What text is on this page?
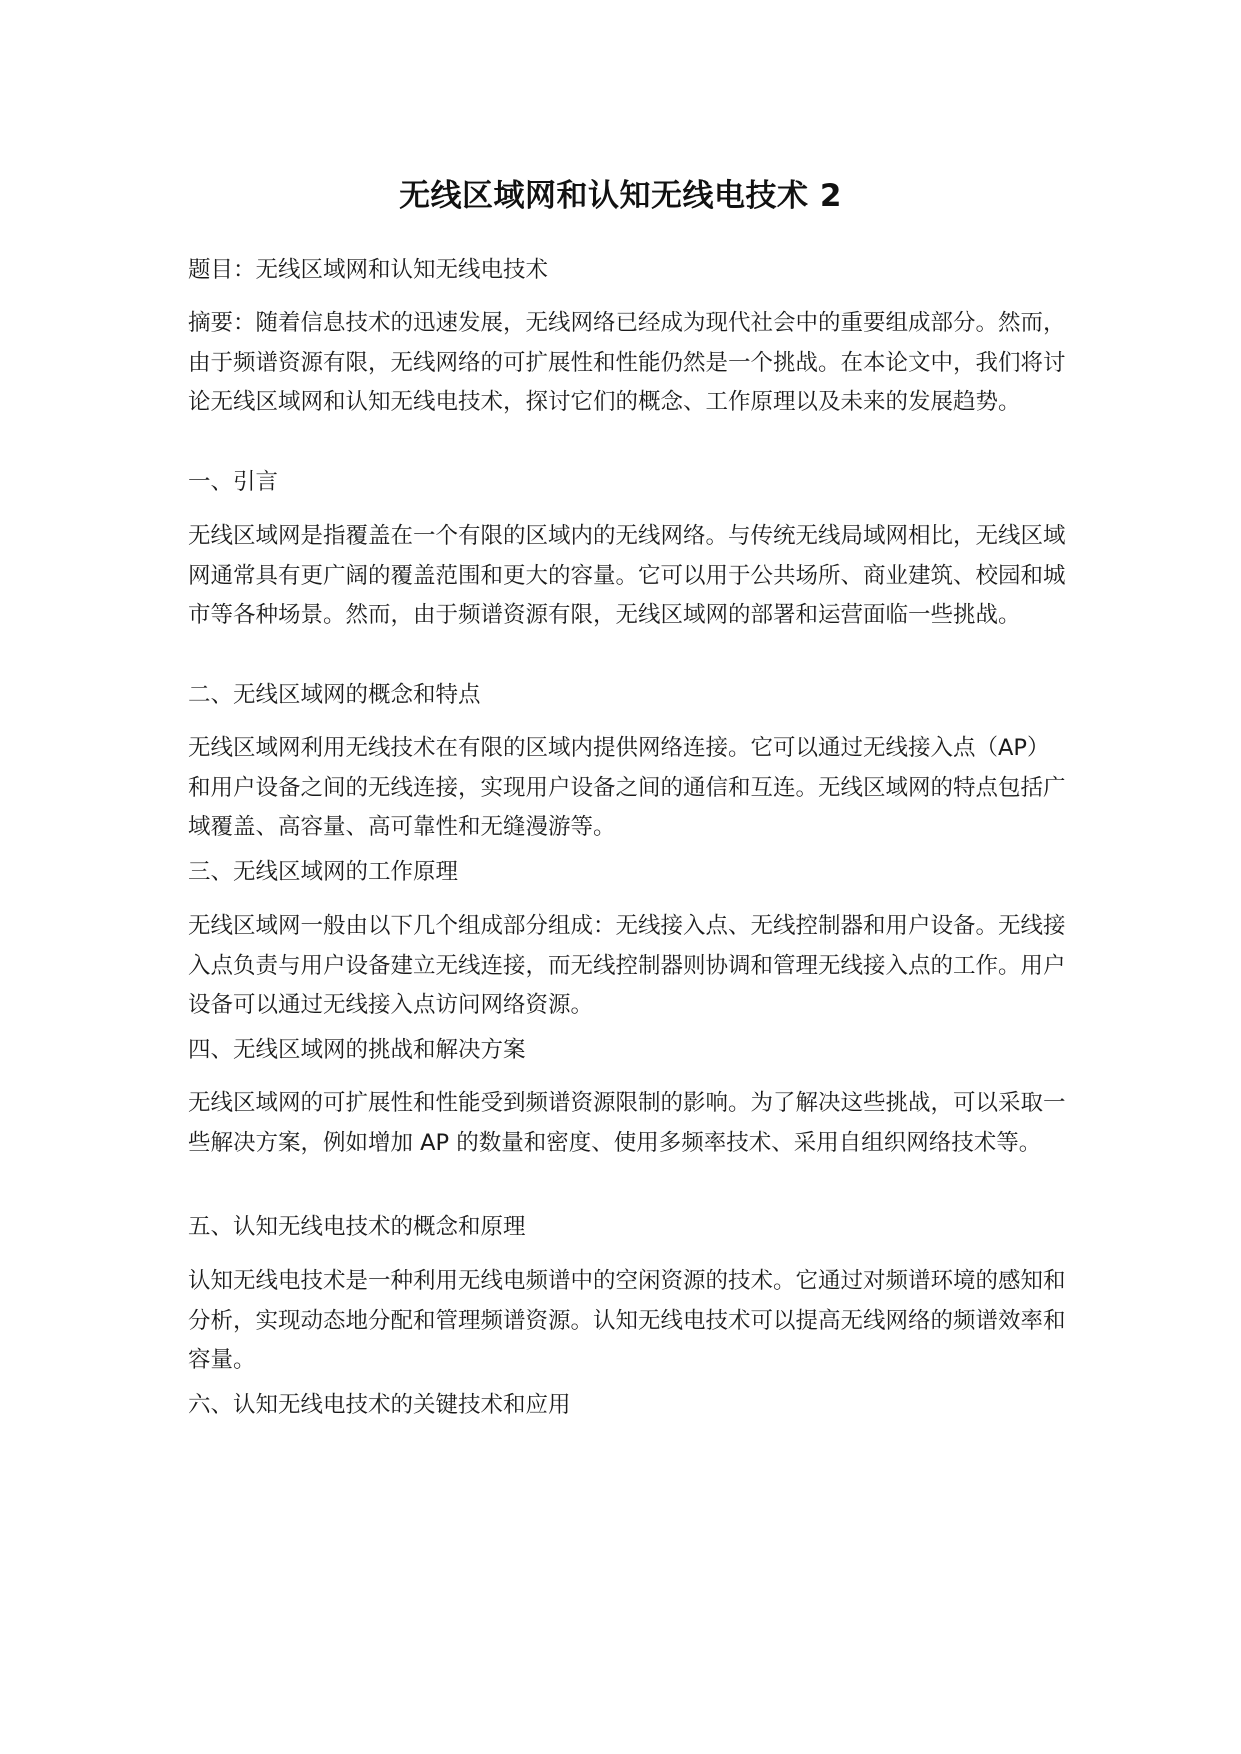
无线区域网和认知无线电技术 2

题目：无线区域网和认知无线电技术

摘要：随着信息技术的迅速发展，无线网络已经成为现代社会中的重要组成部分。然而，由于频谱资源有限，无线网络的可扩展性和性能仍然是一个挑战。在本论文中，我们将讨论无线区域网和认知无线电技术，探讨它们的概念、工作原理以及未来的发展趋势。

一、引言

无线区域网是指覆盖在一个有限的区域内的无线网络。与传统无线局域网相比，无线区域网通常具有更广阔的覆盖范围和更大的容量。它可以用于公共场所、商业建筑、校园和城市等各种场景。然而，由于频谱资源有限，无线区域网的部署和运营面临一些挑战。

二、无线区域网的概念和特点

无线区域网利用无线技术在有限的区域内提供网络连接。它可以通过无线接入点（AP）和用户设备之间的无线连接，实现用户设备之间的通信和互连。无线区域网的特点包括广域覆盖、高容量、高可靠性和无缝漫游等。

三、无线区域网的工作原理

无线区域网一般由以下几个组成部分组成：无线接入点、无线控制器和用户设备。无线接入点负责与用户设备建立无线连接，而无线控制器则协调和管理无线接入点的工作。用户设备可以通过无线接入点访问网络资源。

四、无线区域网的挑战和解决方案

无线区域网的可扩展性和性能受到频谱资源限制的影响。为了解决这些挑战，可以采取一些解决方案，例如增加 AP 的数量和密度、使用多频率技术、采用自组织网络技术等。

五、认知无线电技术的概念和原理

认知无线电技术是一种利用无线电频谱中的空闲资源的技术。它通过对频谱环境的感知和分析，实现动态地分配和管理频谱资源。认知无线电技术可以提高无线网络的频谱效率和容量。

六、认知无线电技术的关键技术和应用
